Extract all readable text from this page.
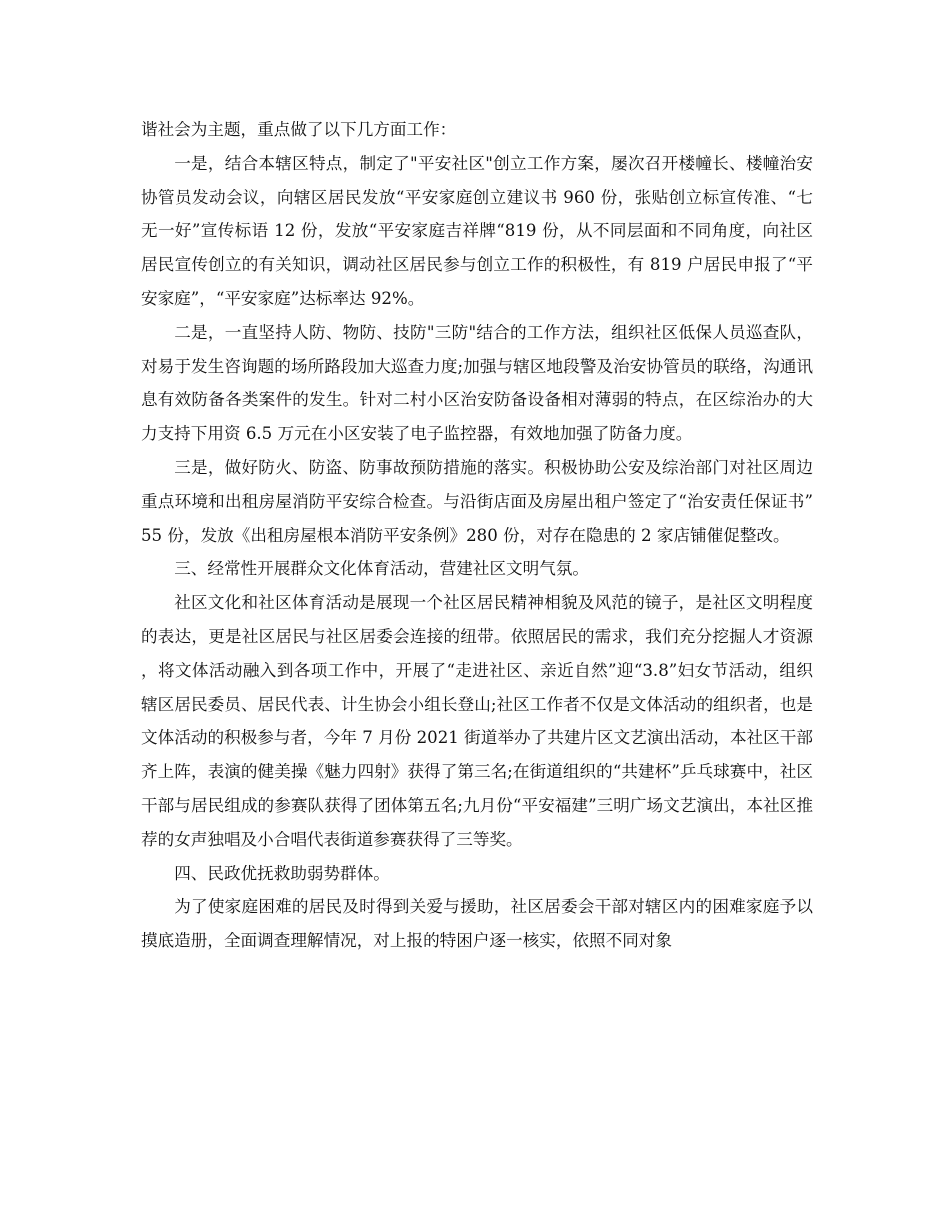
谐社会为主题，重点做了以下几方面工作：

一是，结合本辖区特点，制定了"平安社区"创立工作方案，屡次召开楼幢长、楼幢治安协管员发动会议，向辖区居民发放“平安家庭创立建议书 960 份，张贴创立标宣传准、“七无一好”宣传标语 12 份，发放“平安家庭吉祥牌“819 份，从不同层面和不同角度，向社区居民宣传创立的有关知识，调动社区居民参与创立工作的积极性，有 819 户居民申报了“平安家庭”，“平安家庭”达标率达 92%。

二是，一直坚持人防、物防、技防"三防"结合的工作方法，组织社区低保人员巡查队，对易于发生咨询题的场所路段加大巡查力度;加强与辖区地段警及治安协管员的联络，沟通讯息有效防备各类案件的发生。针对二村小区治安防备设备相对薄弱的特点，在区综治办的大力支持下用资 6.5 万元在小区安装了电子监控器，有效地加强了防备力度。

三是，做好防火、防盗、防事故预防措施的落实。积极协助公安及综治部门对社区周边重点环境和出租房屋消防平安综合检查。与沿街店面及房屋出租户签定了“治安责任保证书”55 份，发放《出租房屋根本消防平安条例》280 份，对存在隐患的 2 家店铺催促整改。

三、经常性开展群众文化体育活动，营建社区文明气氛。

社区文化和社区体育活动是展现一个社区居民精神相貌及风范的镜子，是社区文明程度的表达，更是社区居民与社区居委会连接的纽带。依照居民的需求，我们充分挖掘人才资源，将文体活动融入到各项工作中，开展了“走进社区、亲近自然”迎“3.8”妇女节活动，组织辖区居民委员、居民代表、计生协会小组长登山;社区工作者不仅是文体活动的组织者，也是文体活动的积极参与者，今年 7 月份 2021 街道举办了共建片区文艺演出活动，本社区干部齐上阵，表演的健美操《魅力四射》获得了第三名;在街道组织的“共建杯”乒乓球赛中，社区干部与居民组成的参赛队获得了团体第五名;九月份“平安福建”三明广场文艺演出，本社区推荐的女声独唱及小合唱代表街道参赛获得了三等奖。

四、民政优抚救助弱势群体。

为了使家庭困难的居民及时得到关爱与援助，社区居委会干部对辖区内的困难家庭予以摸底造册，全面调查理解情况，对上报的特困户逐一核实，依照不同对象
